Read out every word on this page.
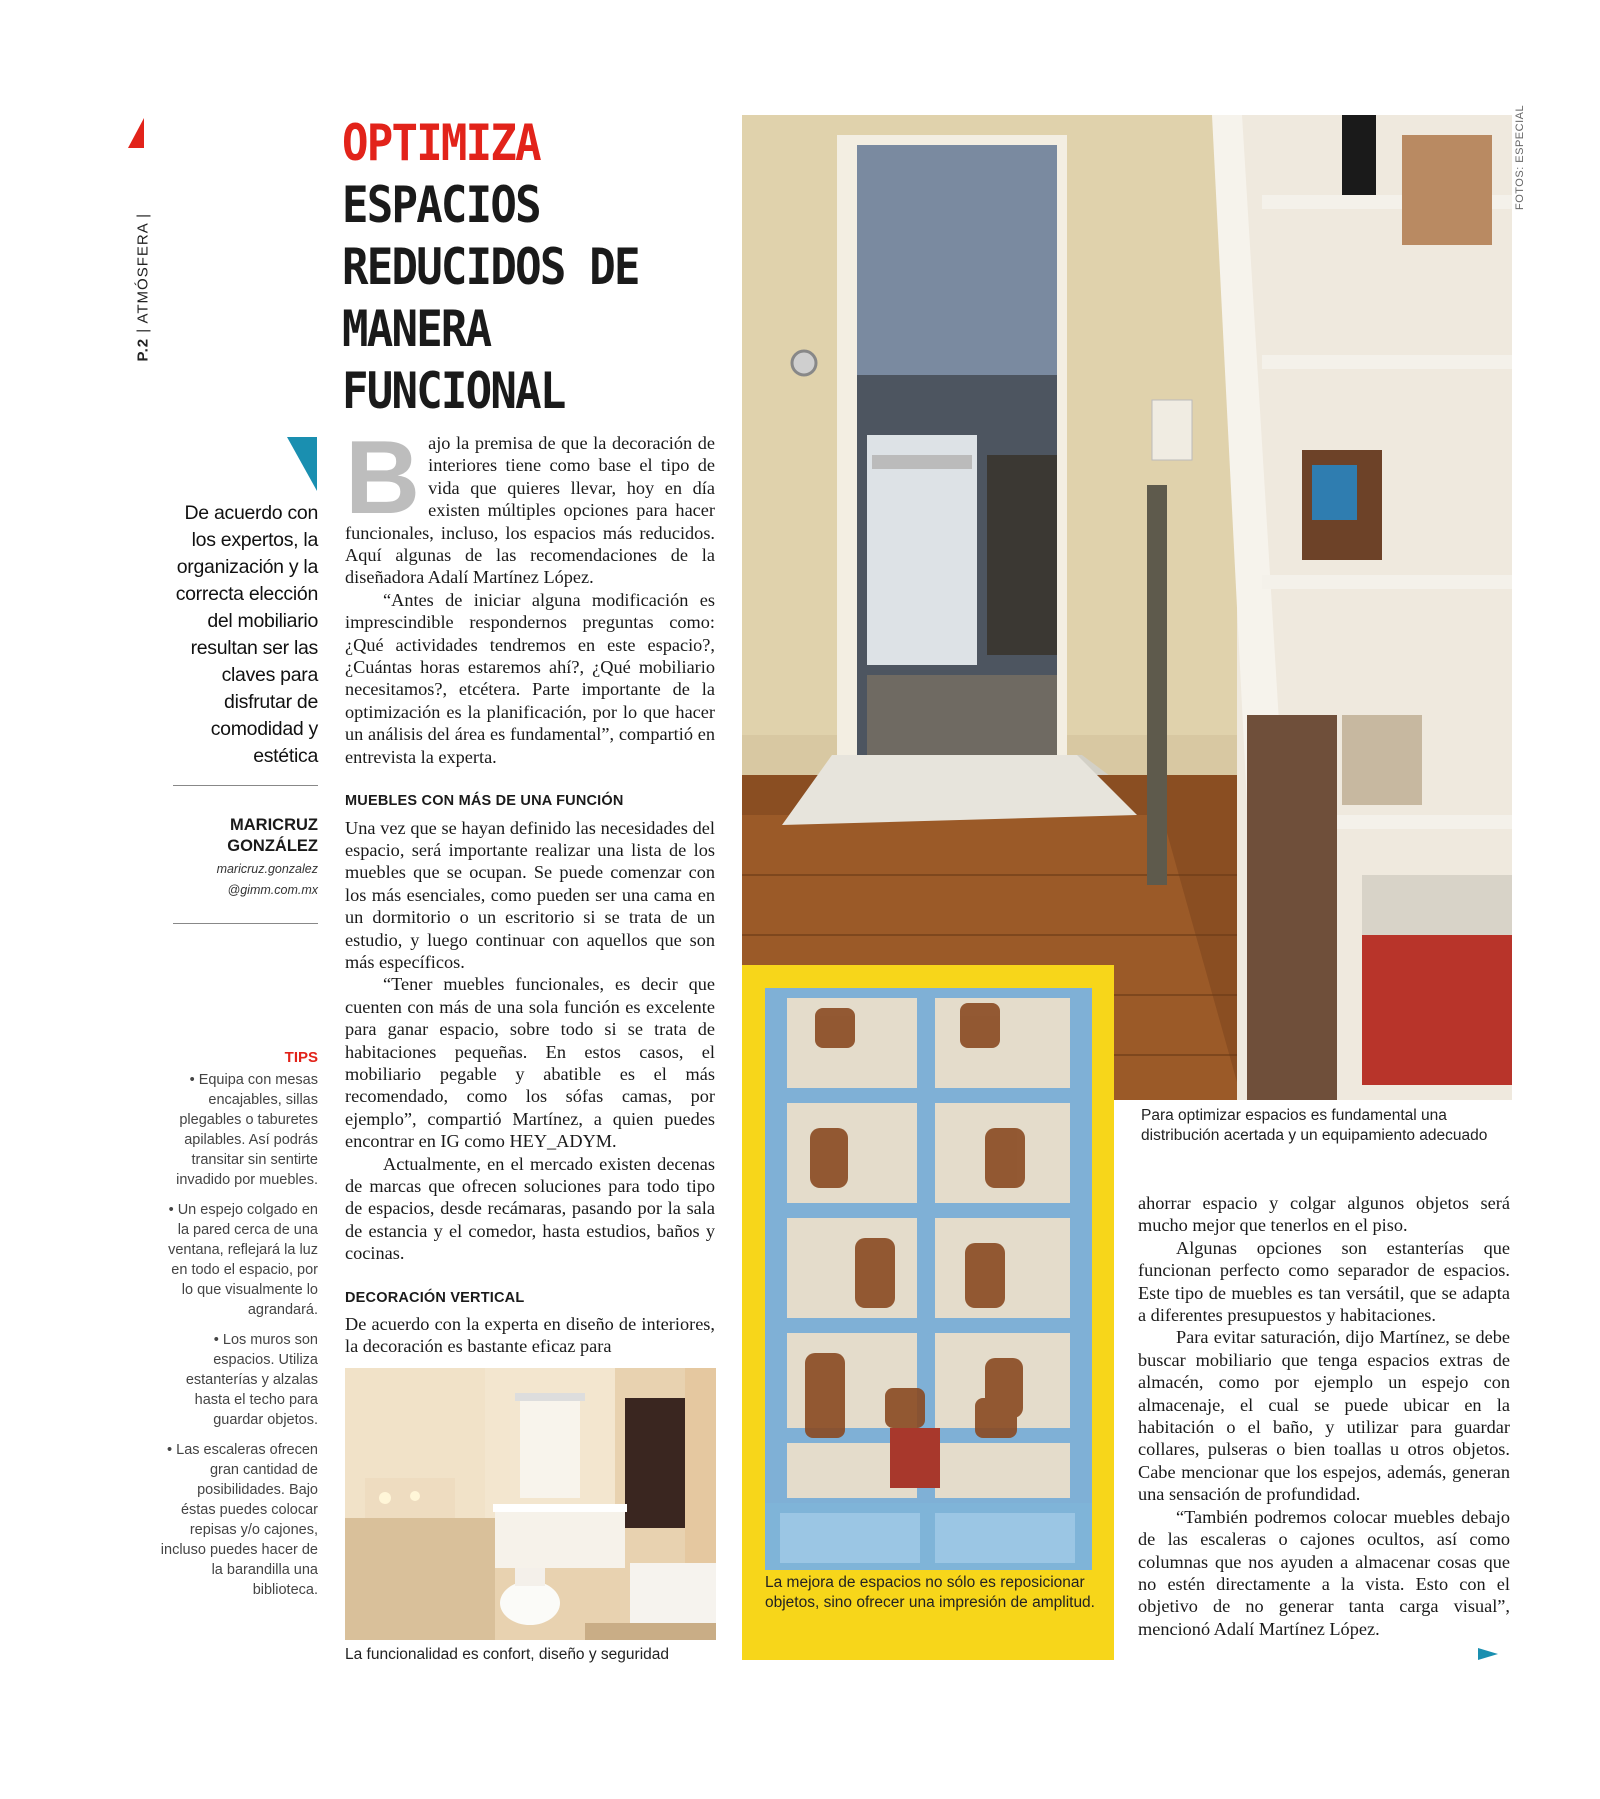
P.2 | ATMÓSFERA |
OPTIMIZA ESPACIOS REDUCIDOS DE MANERA FUNCIONAL
De acuerdo con los expertos, la organización y la correcta elección del mobiliario resultan ser las claves para disfrutar de comodidad y estética
MARICRUZ
GONZÁLEZ
maricruz.gonzalez
@gimm.com.mx
TIPS
• Equipa con mesas encajables, sillas plegables o taburetes apilables. Así podrás transitar sin sentirte invadido por muebles.
• Un espejo colgado en la pared cerca de una ventana, reflejará la luz en todo el espacio, por lo que visualmente lo agrandará.
• Los muros son espacios. Utiliza estanterías y alzalas hasta el techo para guardar objetos.
• Las escaleras ofrecen gran cantidad de posibilidades. Bajo éstas puedes colocar repisas y/o cajones, incluso puedes hacer de la barandilla una biblioteca.
B ajo la premisa de que la decoración de interiores tiene como base el tipo de vida que quieres llevar, hoy en día existen múltiples opciones para hacer funcionales, incluso, los espacios más reducidos. Aquí algunas de las recomendaciones de la diseñadora Adalí Martínez López.

“Antes de iniciar alguna modificación es imprescindible respondernos preguntas como: ¿Qué actividades tendremos en este espacio?, ¿Cuántas horas estaremos ahí?, ¿Qué mobiliario necesitamos?, etcétera. Parte importante de la optimización es la planificación, por lo que hacer un análisis del área es fundamental”, compartió en entrevista la experta.

MUEBLES CON MÁS DE UNA FUNCIÓN

Una vez que se hayan definido las necesidades del espacio, será importante realizar una lista de los muebles que se ocupan. Se puede comenzar con los más esenciales, como pueden ser una cama en un dormitorio o un escritorio si se trata de un estudio, y luego continuar con aquellos que son más específicos.

“Tener muebles funcionales, es decir que cuenten con más de una sola función es excelente para ganar espacio, sobre todo si se trata de habitaciones pequeñas. En estos casos, el mobiliario pegable y abatible es el más recomendado, como los sófas camas, por ejemplo”, compartió Martínez, a quien puedes encontrar en IG como HEY_ADYM.

Actualmente, en el mercado existen decenas de marcas que ofrecen soluciones para todo tipo de espacios, desde recámaras, pasando por la sala de estancia y el comedor, hasta estudios, baños y cocinas.

DECORACIÓN VERTICAL

De acuerdo con la experta en diseño de interiores, la decoración es bastante eficaz para

La funcionalidad es confort, diseño y seguridad
Para optimizar espacios es fundamental una distribución acertada y un equipamiento adecuado
FOTOS: ESPECIAL
La mejora de espacios no sólo es reposicionar objetos, sino ofrecer una impresión de amplitud.

ahorrar espacio y colgar algunos objetos será mucho mejor que tenerlos en el piso.

Algunas opciones son estanterías que funcionan perfecto como separador de espacios. Este tipo de muebles es tan versátil, que se adapta a diferentes presupuestos y habitaciones.

Para evitar saturación, dijo Martínez, se debe buscar mobiliario que tenga espacios extras de almacén, como por ejemplo un espejo con almacenaje, el cual se puede ubicar en la habitación o el baño, y utilizar para guardar collares, pulseras o bien toallas u otros objetos. Cabe mencionar que los espejos, además, generan una sensación de profundidad.

“También podremos colocar muebles debajo de las escaleras o cajones ocultos, así como columnas que nos ayuden a almacenar cosas que no estén directamente a la vista. Esto con el objetivo de no generar tanta carga visual”, mencionó Adalí Martínez López.
